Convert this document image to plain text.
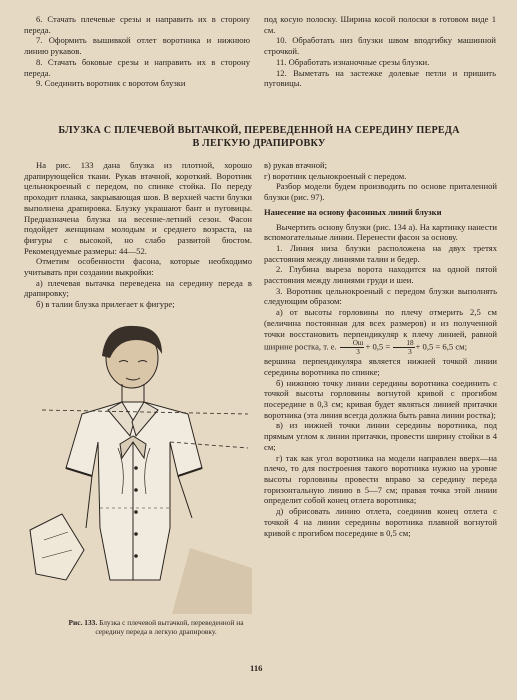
6. Стачать плечевые срезы и направить их в сторону переда.

7. Оформить вышивкой отлет воротника и нижнюю линию рукавов.

8. Стачать боковые срезы и направить их в сторону переда.

9. Соединить воротник с воротом блузки

под косую полоску. Ширина косой полоски в готовом виде 1 см.

10. Обработать низ блузки швом вподгибку машинной строчкой.

11. Обработать изнаночные срезы блузки.

12. Выметать на застежке долевые петли и пришить пуговицы.

БЛУЗКА С ПЛЕЧЕВОЙ ВЫТАЧКОЙ, ПЕРЕВЕДЕННОЙ НА СЕРЕДИНУ ПЕРЕДА
В ЛЕГКУЮ ДРАПИРОВКУ

На рис. 133 дана блузка из плотной, хорошо драпирующейся ткани. Рукав втачной, короткий. Воротник цельнокроеный с передом, по спинке стойка. По переду проходит планка, закрывающая шов. В верхней части блузки выполнена драпировка. Блузку украшают бант и пуговицы. Предназначена блузка на весенне-летний сезон. Фасон подойдет женщинам молодым и среднего возраста, на фигуры с высокой, но слабо развитой бюстом. Рекомендуемые размеры: 44—52.

Отметим особенности фасона, которые необходимо учитывать при создании выкройки:

а) плечевая вытачка переведена на середину переда в драпировку;

б) в талии блузка прилегает к фигуре;

Рис. 133. Блузка с плечевой вытачкой, переведенной на середину переда в легкую драпировку.

в) рукав втачной;

г) воротник цельнокроеный с передом.

Разбор модели будем производить по основе приталенной блузки (рис. 97).

Нанесение на основу фасонных линий блузки

Вычертить основу блузки (рис. 134 а). На картинку нанести вспомогательные линии. Перенести фасон за основу.

1. Линия низа блузки расположена на двух третях расстояния между линиями талии и бедер.

2. Глубина выреза ворота находится на одной пятой расстояния между линиями груди и шеи.

3. Воротник цельнокроеный с передом блузки выполнять следующим образом:

а) от высоты горловины по плечу отмерить 2,5 см (величина постоянная для всех размеров) и из полученной точки восстановить перпендикуляр к плечу линией, равной ширине ростка, т. е. $\frac{Ош}{3} + 0,5 = \frac{18}{3} + 0,5 = 6,5$ см;

вершина перпендикуляра является нижней точкой линии середины воротника по спинке;

б) нижнюю точку линии середины воротника соединить с точкой высоты горловины вогнутой кривой с прогибом посередине в 0,3 см; кривая будет являться линией притачки воротника (эта линия всегда должна быть равна линии ростка);

в) из нижней точки линии середины воротника, под прямым углом к линии притачки, провести ширину стойки в 4 см;

г) так как угол воротника на модели направлен вверх—на плечо, то для построения такого воротника нужно на уровне высоты горловины провести вправо за середину переда горизонтальную линию в 5—7 см; правая точка этой линии определит собой конец отлета воротника;

д) обрисовать линию отлета, соединив конец отлета с точкой 4 на линии середины воротника плавной вогнутой кривой с прогибом посередине в 0,5 см;

116
